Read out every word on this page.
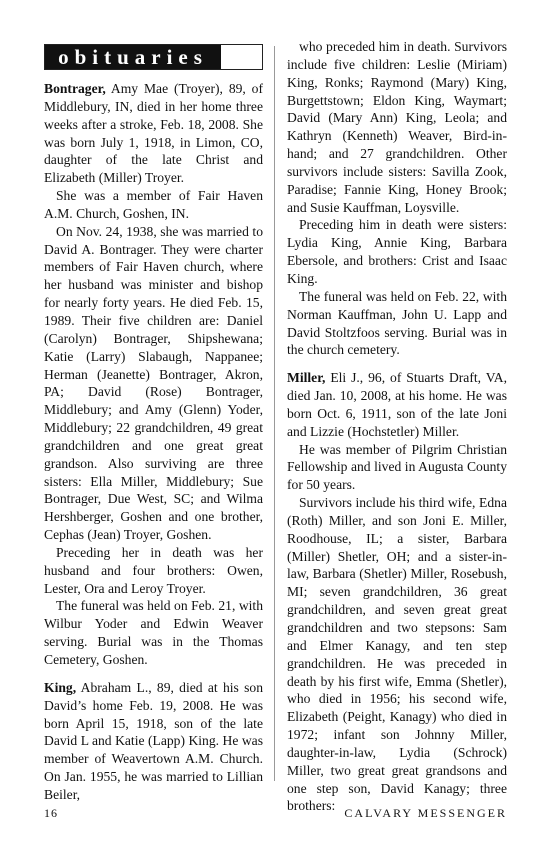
obituaries

Bontrager, Amy Mae (Troyer), 89, of Middlebury, IN, died in her home three weeks after a stroke, Feb. 18, 2008. She was born July 1, 1918, in Limon, CO, daughter of the late Christ and Elizabeth (Miller) Troyer.

She was a member of Fair Haven A.M. Church, Goshen, IN.

On Nov. 24, 1938, she was married to David A. Bontrager. They were charter members of Fair Haven church, where her husband was minister and bishop for nearly forty years. He died Feb. 15, 1989. Their five children are: Daniel (Carolyn) Bontrager, Shipshewana; Katie (Larry) Slabaugh, Nappanee; Herman (Jeanette) Bontrager, Akron, PA; David (Rose) Bontrager, Middlebury; and Amy (Glenn) Yoder, Middlebury; 22 grandchildren, 49 great grandchildren and one great great grandson. Also surviving are three sisters: Ella Miller, Middlebury; Sue Bontrager, Due West, SC; and Wilma Hershberger, Goshen and one brother, Cephas (Jean) Troyer, Goshen.

Preceding her in death was her husband and four brothers: Owen, Lester, Ora and Leroy Troyer.

The funeral was held on Feb. 21, with Wilbur Yoder and Edwin Weaver serving. Burial was in the Thomas Cemetery, Goshen.

King, Abraham L., 89, died at his son David’s home Feb. 19, 2008. He was born April 15, 1918, son of the late David L and Katie (Lapp) King. He was member of Weavertown A.M. Church. On Jan. 1955, he was married to Lillian Beiler,

who preceded him in death. Survivors include five children: Leslie (Miriam) King, Ronks; Raymond (Mary) King, Burgettstown; Eldon King, Waymart; David (Mary Ann) King, Leola; and Kathryn (Kenneth) Weaver, Bird-in-hand; and 27 grandchildren. Other survivors include sisters: Savilla Zook, Paradise; Fannie King, Honey Brook; and Susie Kauffman, Loysville.

Preceding him in death were sisters: Lydia King, Annie King, Barbara Ebersole, and brothers: Crist and Isaac King.

The funeral was held on Feb. 22, with Norman Kauffman, John U. Lapp and David Stoltzfoos serving. Burial was in the church cemetery.

Miller, Eli J., 96, of Stuarts Draft, VA, died Jan. 10, 2008, at his home. He was born Oct. 6, 1911, son of the late Joni and Lizzie (Hochstetler) Miller.

He was member of Pilgrim Christian Fellowship and lived in Augusta County for 50 years.

Survivors include his third wife, Edna (Roth) Miller, and son Joni E. Miller, Roodhouse, IL; a sister, Barbara (Miller) Shetler, OH; and a sister-in-law, Barbara (Shetler) Miller, Rosebush, MI; seven grandchildren, 36 great grandchildren, and seven great great grandchildren and two stepsons: Sam and Elmer Kanagy, and ten step grandchildren. He was preceded in death by his first wife, Emma (Shetler), who died in 1956; his second wife, Elizabeth (Peight, Kanagy) who died in 1972; infant son Johnny Miller, daughter-in-law, Lydia (Schrock) Miller, two great great grandsons and one step son, David Kanagy; three brothers:

16	CALVARY MESSENGER
